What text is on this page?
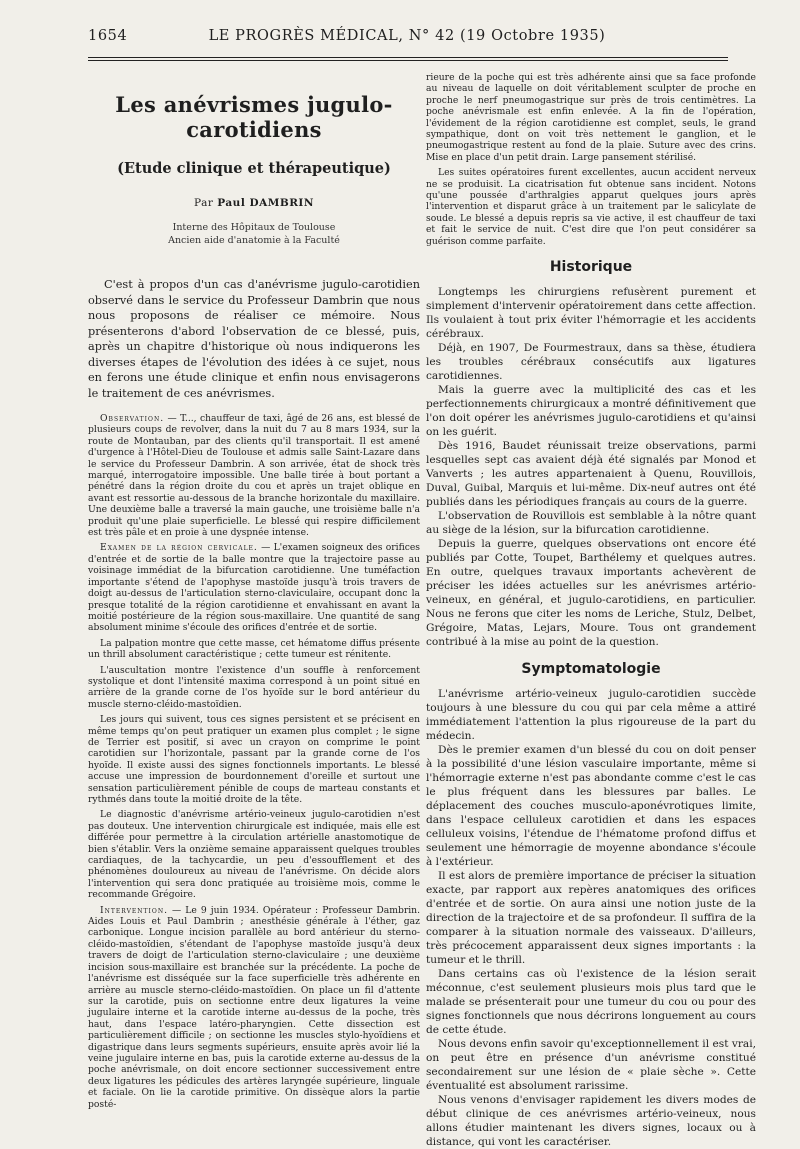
1654	LE PROGRÈS MÉDICAL, N° 42 (19 Octobre 1935)
Les anévrismes jugulo-carotidiens
(Etude clinique et thérapeutique)
Par Paul DAMBRIN

Interne des Hôpitaux de Toulouse

Ancien aide d'anatomie à la Faculté

C'est à propos d'un cas d'anévrisme jugulo-carotidien observé dans le service du Professeur Dambrin que nous nous proposons de réaliser ce mémoire. Nous présenterons d'abord l'observation de ce blessé, puis, après un chapitre d'historique où nous indiquerons les diverses étapes de l'évolution des idées à ce sujet, nous en ferons une étude clinique et enfin nous envisagerons le traitement de ces anévrismes.

Observation. — T..., chauffeur de taxi, âgé de 26 ans, est blessé de plusieurs coups de revolver, dans la nuit du 7 au 8 mars 1934, sur la route de Montauban, par des clients qu'il transportait. Il est amené d'urgence à l'Hôtel-Dieu de Toulouse et admis salle Saint-Lazare dans le service du Professeur Dambrin. A son arrivée, état de shock très marqué, interrogatoire impossible. Une balle tirée à bout portant a pénétré dans la région droite du cou et après un trajet oblique en avant est ressortie au-dessous de la branche horizontale du maxillaire. Une deuxième balle a traversé la main gauche, une troisième balle n'a produit qu'une plaie superficielle. Le blessé qui respire difficilement est très pâle et en proie à une dyspnée intense.

Examen de la région cervicale. — L'examen soigneux des orifices d'entrée et de sortie de la balle montre que la trajectoire passe au voisinage immédiat de la bifurcation carotidienne. Une tuméfaction importante s'étend de l'apophyse mastoïde jusqu'à trois travers de doigt au-dessus de l'articulation sterno-claviculaire, occupant donc la presque totalité de la région carotidienne et envahissant en avant la moitié postérieure de la région sous-maxillaire. Une quantité de sang absolument minime s'écoule des orifices d'entrée et de sortie.

La palpation montre que cette masse, cet hématome diffus présente un thrill absolument caractéristique ; cette tumeur est rénitente.

L'auscultation montre l'existence d'un souffle à renforcement systolique et dont l'intensité maxima correspond à un point situé en arrière de la grande corne de l'os hyoïde sur le bord antérieur du muscle sterno-cléido-mastoïdien.

Les jours qui suivent, tous ces signes persistent et se précisent en même temps qu'on peut pratiquer un examen plus complet ; le signe de Terrier est positif, si avec un crayon on comprime le point carotidien sur l'horizontale, passant par la grande corne de l'os hyoïde. Il existe aussi des signes fonctionnels importants. Le blessé accuse une impression de bourdonnement d'oreille et surtout une sensation particulièrement pénible de coups de marteau constants et rythmés dans toute la moitié droite de la tête.

Le diagnostic d'anévrisme artério-veineux jugulo-carotidien n'est pas douteux. Une intervention chirurgicale est indiquée, mais elle est différée pour permettre à la circulation artérielle anastomotique de bien s'établir. Vers la onzième semaine apparaissent quelques troubles cardiaques, de la tachycardie, un peu d'essoufflement et des phénomènes douloureux au niveau de l'anévrisme. On décide alors l'intervention qui sera donc pratiquée au troisième mois, comme le recommande Grégoire.

Intervention. — Le 9 juin 1934. Opérateur : Professeur Dambrin. Aides Louis et Paul Dambrin ; anesthésie générale à l'éther, gaz carbonique. Longue incision parallèle au bord antérieur du sterno-cléido-mastoïdien, s'étendant de l'apophyse mastoïde jusqu'à deux travers de doigt de l'articulation sterno-claviculaire ; une deuxième incision sous-maxillaire est branchée sur la précédente. La poche de l'anévrisme est disséquée sur la face superficielle très adhérente en arrière au muscle sterno-cléido-mastoïdien. On place un fil d'attente sur la carotide, puis on sectionne entre deux ligatures la veine jugulaire interne et la carotide interne au-dessus de la poche, très haut, dans l'espace latéro-pharyngien. Cette dissection est particulièrement difficile ; on sectionne les muscles stylo-hyoïdiens et digastrique dans leurs segments supérieurs, ensuite après avoir lié la veine jugulaire interne en bas, puis la carotide externe au-dessus de la poche anévrismale, on doit encore sectionner successivement entre deux ligatures les pédicules des artères laryngée supérieure, linguale et faciale. On lie la carotide primitive. On dissèque alors la partie posté-

rieure de la poche qui est très adhérente ainsi que sa face profonde au niveau de laquelle on doit véritablement sculpter de proche en proche le nerf pneumogastrique sur près de trois centimètres. La poche anévrismale est enfin enlevée. A la fin de l'opération, l'évidement de la région carotidienne est complet, seuls, le grand sympathique, dont on voit très nettement le ganglion, et le pneumogastrique restent au fond de la plaie. Suture avec des crins. Mise en place d'un petit drain. Large pansement stérilisé.

Les suites opératoires furent excellentes, aucun accident nerveux ne se produisit. La cicatrisation fut obtenue sans incident. Notons qu'une poussée d'arthralgies apparut quelques jours après l'intervention et disparut grâce à un traitement par le salicylate de soude. Le blessé a depuis repris sa vie active, il est chauffeur de taxi et fait le service de nuit. C'est dire que l'on peut considérer sa guérison comme parfaite.

Historique

Longtemps les chirurgiens refusèrent purement et simplement d'intervenir opératoirement dans cette affection. Ils voulaient à tout prix éviter l'hémorragie et les accidents cérébraux.

Déjà, en 1907, De Fourmestraux, dans sa thèse, étudiera les troubles cérébraux consécutifs aux ligatures carotidiennes.

Mais la guerre avec la multiplicité des cas et les perfectionnements chirurgicaux a montré définitivement que l'on doit opérer les anévrismes jugulo-carotidiens et qu'ainsi on les guérit.

Dès 1916, Baudet réunissait treize observations, parmi lesquelles sept cas avaient déjà été signalés par Monod et Vanverts ; les autres appartenaient à Quenu, Rouvillois, Duval, Guibal, Marquis et lui-même. Dix-neuf autres ont été publiés dans les périodiques français au cours de la guerre.

L'observation de Rouvillois est semblable à la nôtre quant au siège de la lésion, sur la bifurcation carotidienne.

Depuis la guerre, quelques observations ont encore été publiés par Cotte, Toupet, Barthélemy et quelques autres. En outre, quelques travaux importants achevèrent de préciser les idées actuelles sur les anévrismes artério-veineux, en général, et jugulo-carotidiens, en particulier. Nous ne ferons que citer les noms de Leriche, Stulz, Delbet, Grégoire, Matas, Lejars, Moure. Tous ont grandement contribué à la mise au point de la question.

Symptomatologie

L'anévrisme artério-veineux jugulo-carotidien succède toujours à une blessure du cou qui par cela même a attiré immédiatement l'attention la plus rigoureuse de la part du médecin.

Dès le premier examen d'un blessé du cou on doit penser à la possibilité d'une lésion vasculaire importante, même si l'hémorragie externe n'est pas abondante comme c'est le cas le plus fréquent dans les blessures par balles. Le déplacement des couches musculo-aponévrotiques limite, dans l'espace celluleux carotidien et dans les espaces celluleux voisins, l'étendue de l'hématome profond diffus et seulement une hémorragie de moyenne abondance s'écoule à l'extérieur.

Il est alors de première importance de préciser la situation exacte, par rapport aux repères anatomiques des orifices d'entrée et de sortie. On aura ainsi une notion juste de la direction de la trajectoire et de sa profondeur. Il suffira de la comparer à la situation normale des vaisseaux. D'ailleurs, très précocement apparaissent deux signes importants : la tumeur et le thrill.

Dans certains cas où l'existence de la lésion serait méconnue, c'est seulement plusieurs mois plus tard que le malade se présenterait pour une tumeur du cou ou pour des signes fonctionnels que nous décrirons longuement au cours de cette étude.

Nous devons enfin savoir qu'exceptionnellement il est vrai, on peut être en présence d'un anévrisme constitué secondairement sur une lésion de « plaie sèche ». Cette éventualité est absolument rarissime.

Nous venons d'envisager rapidement les divers modes de début clinique de ces anévrismes artério-veineux, nous allons étudier maintenant les divers signes, locaux ou à distance, qui vont les caractériser.
